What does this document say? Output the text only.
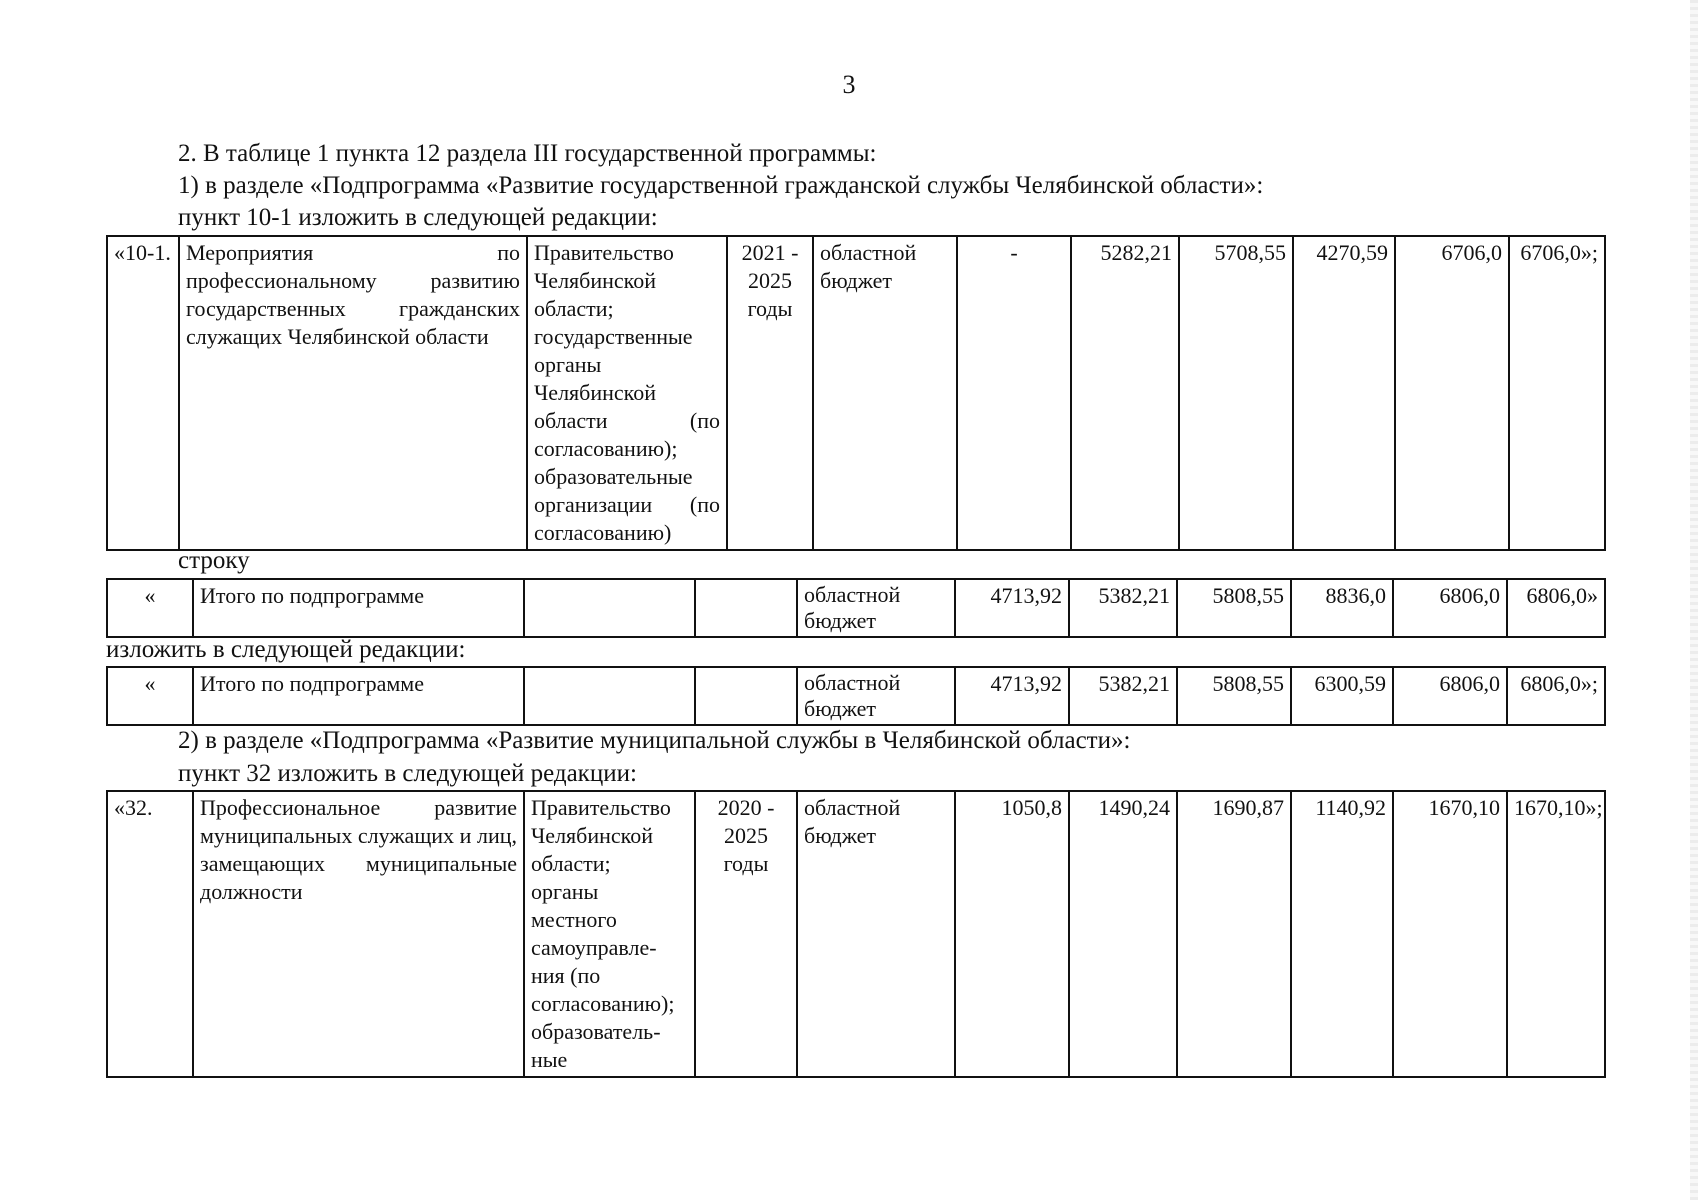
3
2. В таблице 1 пункта 12 раздела III государственной программы:
1) в разделе «Подпрограмма «Развитие государственной гражданской службы Челябинской области»:
пункт 10-1 изложить в следующей редакции:
«10-1.	Мероприятия по профессиональному развитию государственных гражданских служащих Челябинской области	Правительство Челябинской области; государственные органы Челябинской области (по согласованию); образовательные организации (по согласованию)	2021 -
2025
годы	областной бюджет	-	5282,21	5708,55	4270,59	6706,0	6706,0»;
строку
«	Итого по подпрограмме			областной
бюджет	4713,92	5382,21	5808,55	8836,0	6806,0	6806,0»
изложить в следующей редакции:
«	Итого по подпрограмме			областной
бюджет	4713,92	5382,21	5808,55	6300,59	6806,0	6806,0»;
2) в разделе «Подпрограмма «Развитие муниципальной службы в Челябинской области»:
пункт 32 изложить в следующей редакции:
«32.	Профессиональное развитие муниципальных служащих и лиц, замещающих муниципальные должности	Правительство
Челябинской
области;
органы
местного
самоуправле-
ния (по
согласованию);
образователь-
ные	2020 -
2025
годы	областной
бюджет	1050,8	1490,24	1690,87	1140,92	1670,10	1670,10»;
